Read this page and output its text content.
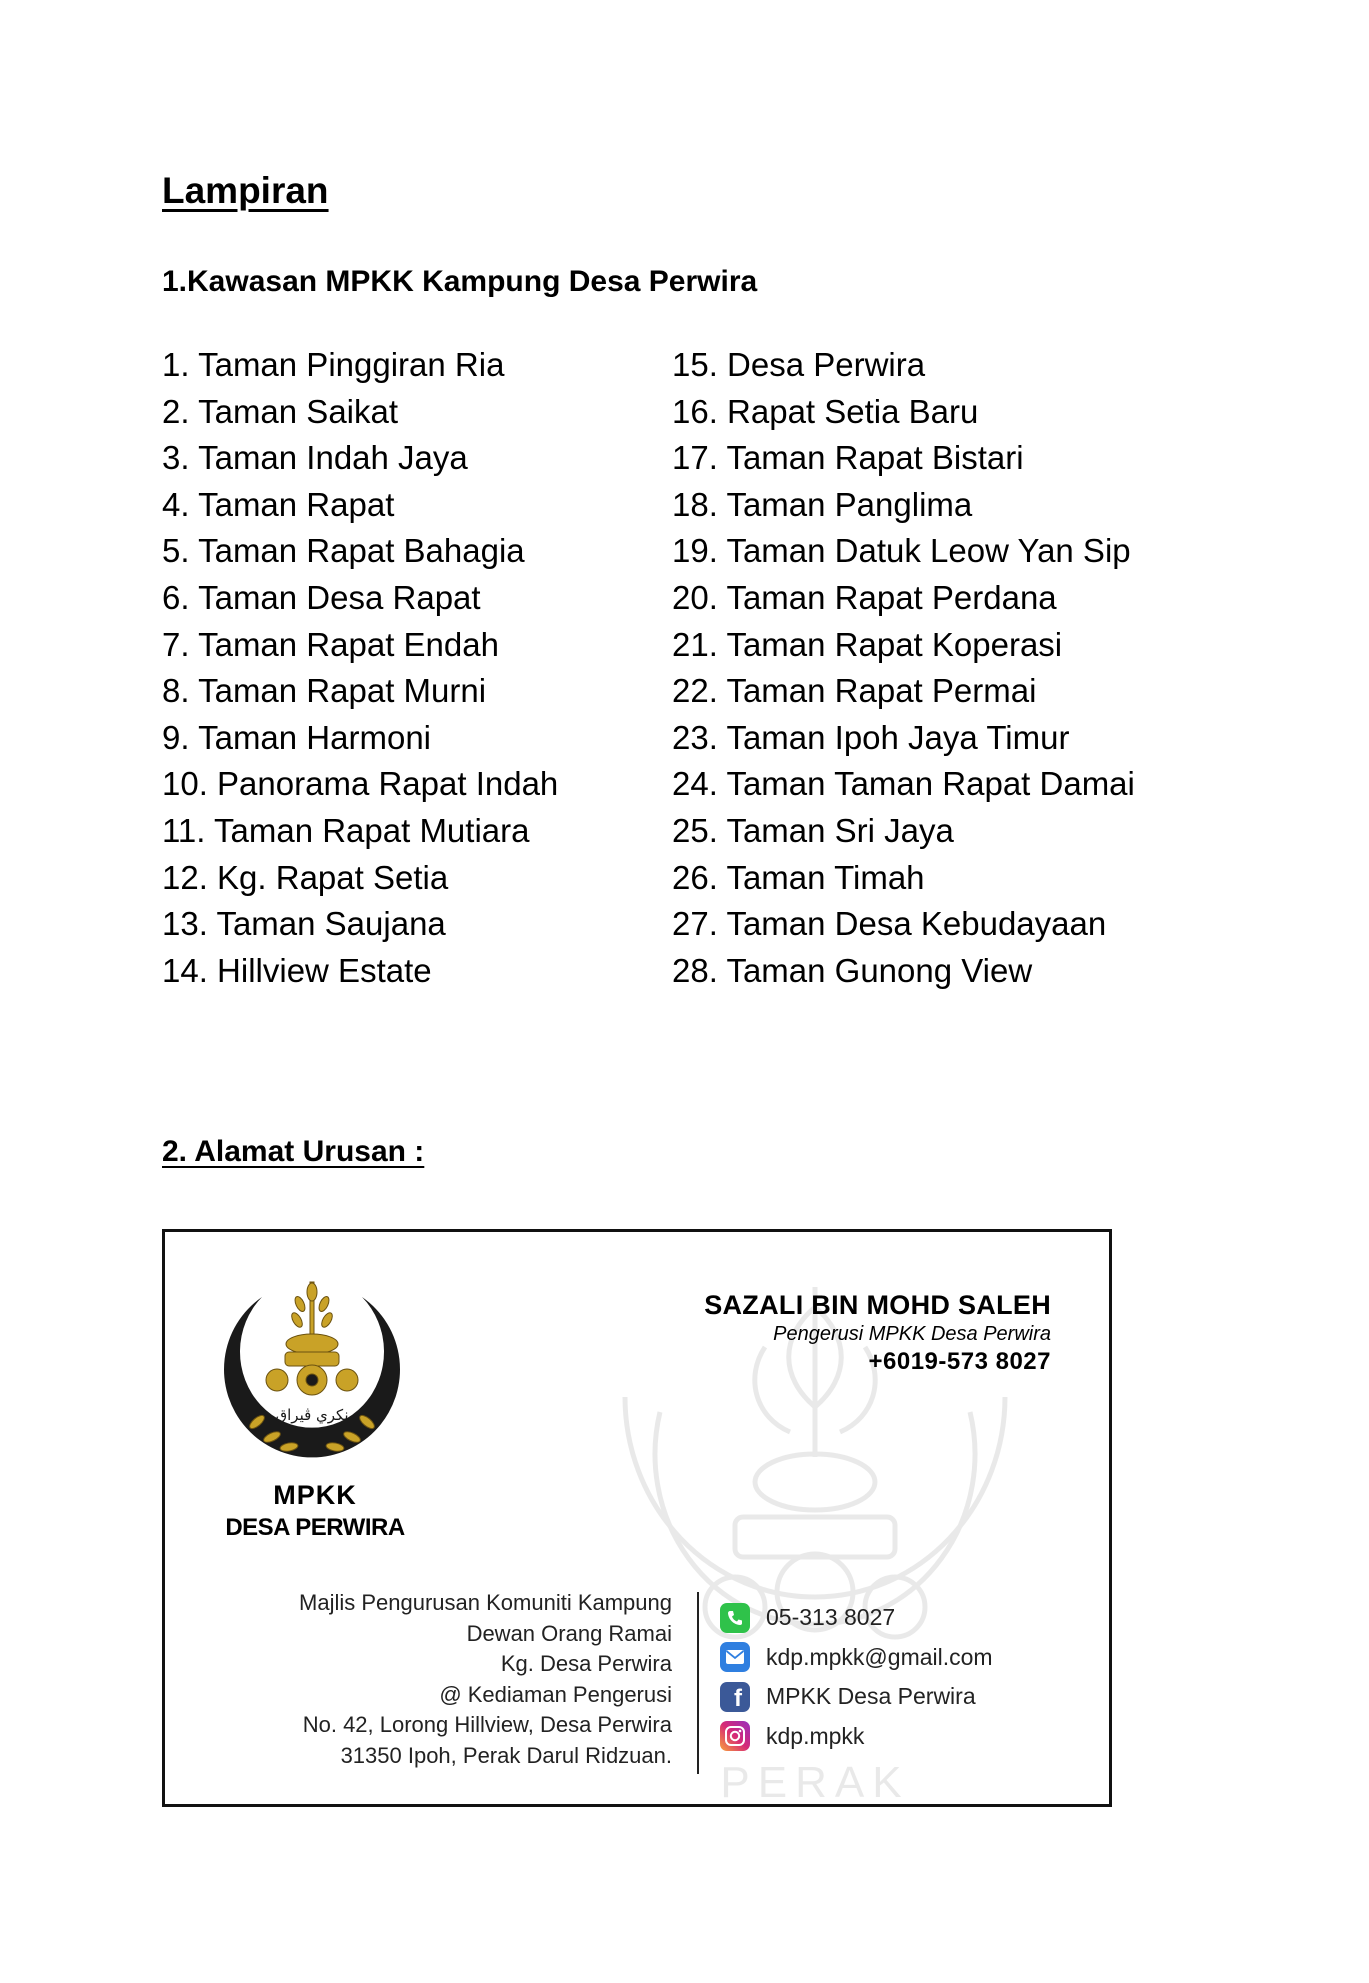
Lampiran
1.Kawasan MPKK Kampung Desa Perwira
1. Taman Pinggiran Ria
2. Taman Saikat
3. Taman Indah Jaya
4. Taman Rapat
5. Taman Rapat Bahagia
6. Taman Desa Rapat
7. Taman Rapat Endah
8. Taman Rapat Murni
9. Taman Harmoni
10. Panorama Rapat Indah
11. Taman Rapat Mutiara
12. Kg. Rapat Setia
13. Taman Saujana
14. Hillview Estate
15. Desa Perwira
16. Rapat Setia Baru
17. Taman Rapat Bistari
18. Taman Panglima
19. Taman Datuk Leow Yan Sip
20. Taman Rapat Perdana
21. Taman Rapat Koperasi
22. Taman Rapat Permai
23. Taman Ipoh Jaya Timur
24. Taman Taman Rapat Damai
25. Taman Sri Jaya
26. Taman Timah
27. Taman Desa Kebudayaan
28. Taman Gunong View
2. Alamat Urusan :
PERAK
نکري ڤيراق
MPKK
DESA PERWIRA
SAZALI BIN MOHD SALEH
Pengerusi MPKK Desa Perwira
+6019-573 8027
Majlis Pengurusan Komuniti Kampung
Dewan Orang Ramai
Kg. Desa Perwira
@ Kediaman Pengerusi
No. 42, Lorong Hillview, Desa Perwira
31350 Ipoh, Perak Darul Ridzuan.
05-313 8027
kdp.mpkk@gmail.com
f MPKK Desa Perwira
kdp.mpkk
